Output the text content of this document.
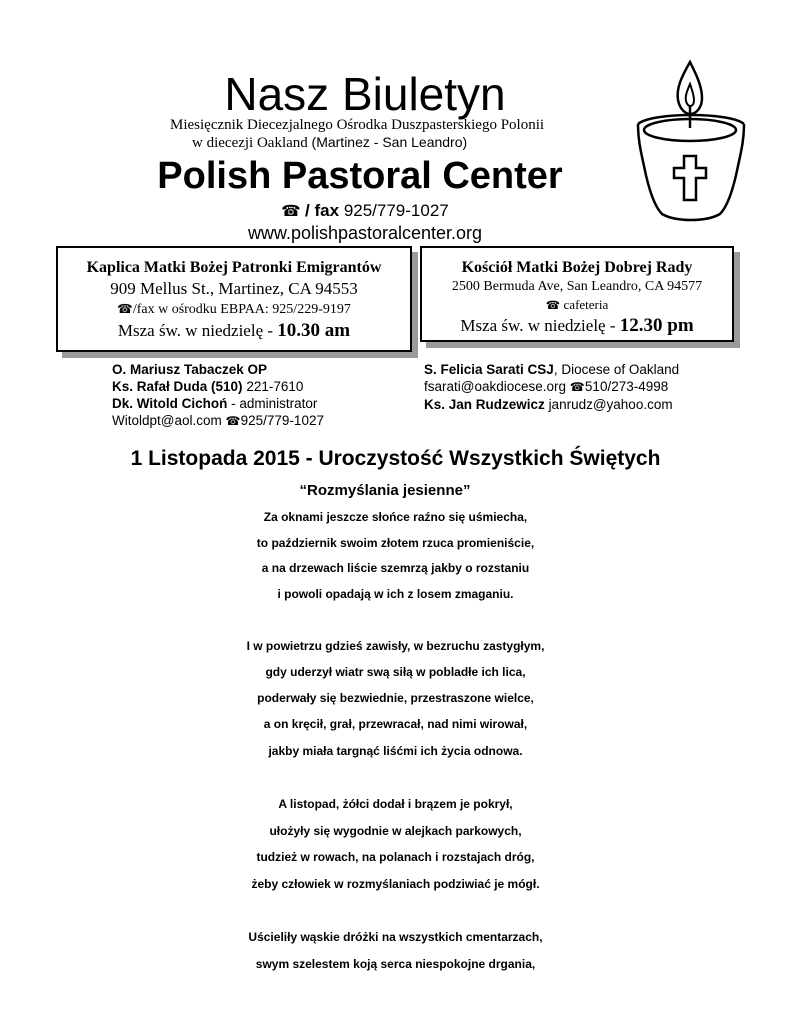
Nasz Biuletyn
Miesięcznik Diecezjalnego Ośrodka Duszpasterskiego Polonii
w diecezji Oakland (Martinez - San Leandro)
Polish Pastoral Center
☎ / fax 925/779-1027
www.polishpastoralcenter.org
Kaplica Matki Bożej Patronki Emigrantów
909 Mellus St., Martinez, CA 94553
☎/fax w ośrodku EBPAA: 925/229-9197
Msza św. w niedzielę - 10.30 am
Kościół Matki Bożej Dobrej Rady
2500 Bermuda Ave, San Leandro, CA 94577
☎ cafeteria
Msza św. w niedzielę - 12.30 pm
O. Mariusz Tabaczek OP
Ks. Rafał Duda (510) 221-7610
Dk. Witold Cichoń - administrator
Witoldpt@aol.com ☎925/779-1027
S. Felicia Sarati CSJ, Diocese of Oakland
fsarati@oakdiocese.org ☎510/273-4998
Ks. Jan Rudzewicz janrudz@yahoo.com
1 Listopada 2015 - Uroczystość Wszystkich Świętych
“Rozmyślania jesienne”
Za oknami jeszcze słońce raźno się uśmiecha,
to październik swoim złotem rzuca promieniście,
a na drzewach liście szemrzą jakby o rozstaniu
i powoli opadają w ich z losem zmaganiu.
I w powietrzu gdzieś zawisły, w bezruchu zastygłym,
gdy uderzył wiatr swą siłą w pobladłe ich lica,
poderwały się bezwiednie, przestraszone wielce,
a on kręcił, grał, przewracał, nad nimi wirował,
jakby miała targnąć liśćmi ich życia odnowa.
A listopad, żółci dodał i brązem je pokrył,
ułożyły się wygodnie w alejkach parkowych,
tudzież w rowach, na polanach i rozstajach dróg,
żeby człowiek w rozmyślaniach podziwiać je mógł.
Uścieliły wąskie dróżki na wszystkich cmentarzach,
swym szelestem koją serca niespokojne drgania,
